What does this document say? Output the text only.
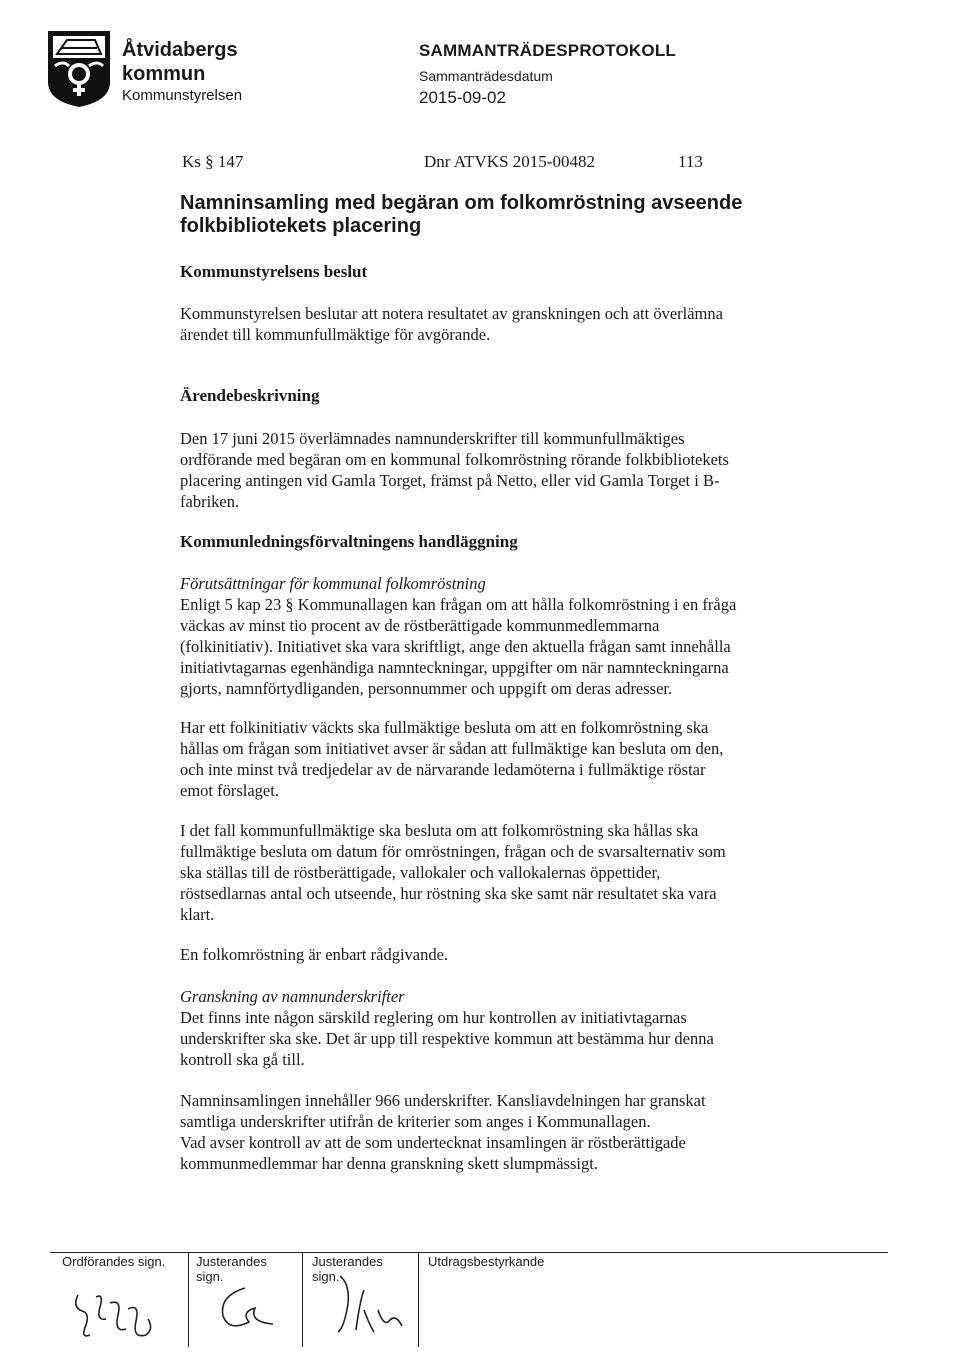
Åtvidabergs
kommun
Kommunstyrelsen
SAMMANTRÄDESPROTOKOLL
Sammanträdesdatum
2015-09-02
Ks § 147	Dnr ATVKS 2015-00482	113
Namninsamling med begäran om folkomröstning avseende
folkbibliotekets placering
Kommunstyrelsens beslut
Kommunstyrelsen beslutar att notera resultatet av granskningen och att överlämna
ärendet till kommunfullmäktige för avgörande.
Ärendebeskrivning
Den 17 juni 2015 överlämnades namnunderskrifter till kommunfullmäktiges
ordförande med begäran om en kommunal folkomröstning rörande folkbibliotekets
placering antingen vid Gamla Torget, främst på Netto, eller vid Gamla Torget i B-
fabriken.
Kommunledningsförvaltningens handläggning
Förutsättningar för kommunal folkomröstning
Enligt 5 kap 23 § Kommunallagen kan frågan om att hålla folkomröstning i en fråga
väckas av minst tio procent av de röstberättigade kommunmedlemmarna
(folkinitiativ). Initiativet ska vara skriftligt, ange den aktuella frågan samt innehålla
initiativtagarnas egenhändiga namnteckningar, uppgifter om när namnteckningarna
gjorts, namnförtydliganden, personnummer och uppgift om deras adresser.
Har ett folkinitiativ väckts ska fullmäktige besluta om att en folkomröstning ska
hållas om frågan som initiativet avser är sådan att fullmäktige kan besluta om den,
och inte minst två tredjedelar av de närvarande ledamöterna i fullmäktige röstar
emot förslaget.
I det fall kommunfullmäktige ska besluta om att folkomröstning ska hållas ska
fullmäktige besluta om datum för omröstningen, frågan och de svarsalternativ som
ska ställas till de röstberättigade, vallokaler och vallokalernas öppettider,
röstsedlarnas antal och utseende, hur röstning ska ske samt när resultatet ska vara
klart.
En folkomröstning är enbart rådgivande.
Granskning av namnunderskrifter
Det finns inte någon särskild reglering om hur kontrollen av initiativtagarnas
underskrifter ska ske. Det är upp till respektive kommun att bestämma hur denna
kontroll ska gå till.
Namninsamlingen innehåller 966 underskrifter. Kansliavdelningen har granskat
samtliga underskrifter utifrån de kriterier som anges i Kommunallagen.
Vad avser kontroll av att de som undertecknat insamlingen är röstberättigade
kommunmedlemmar har denna granskning skett slumpmässigt.
Ordförandes sign. Justerandes
sign.
Justerandes
sign.
Utdragsbestyrkande
